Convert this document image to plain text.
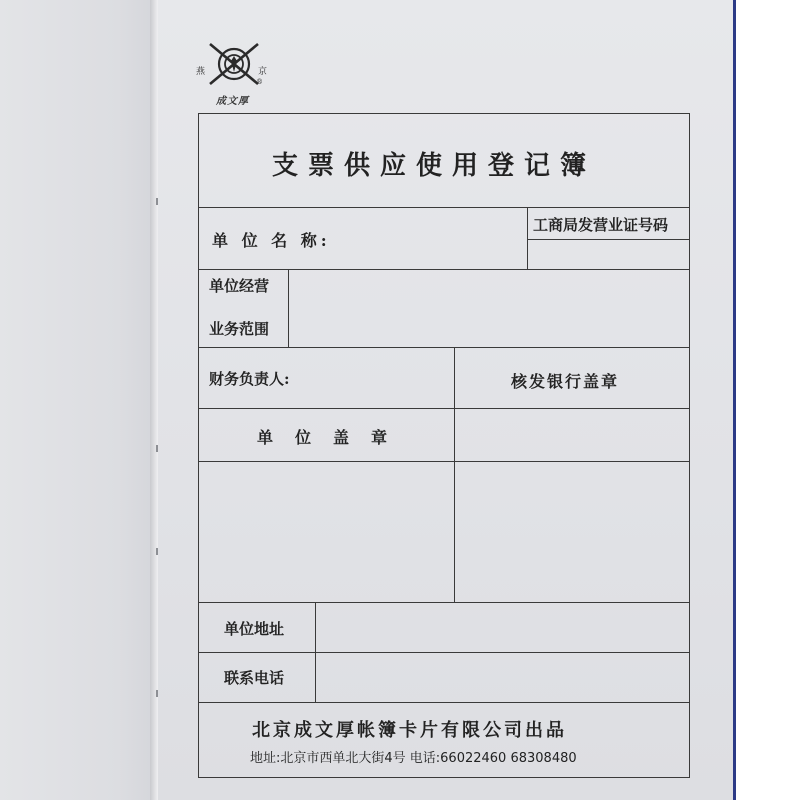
燕	京
®
成文厚
支票供应使用登记簿
单 位 名 称:
工商局发营业证号码
单位经营
业务范围
财务负责人:	核发银行盖章
单位盖章
单位地址
联系电话
北京成文厚帐簿卡片有限公司出品
地址:北京市西单北大街4号 电话:66022460 68308480
